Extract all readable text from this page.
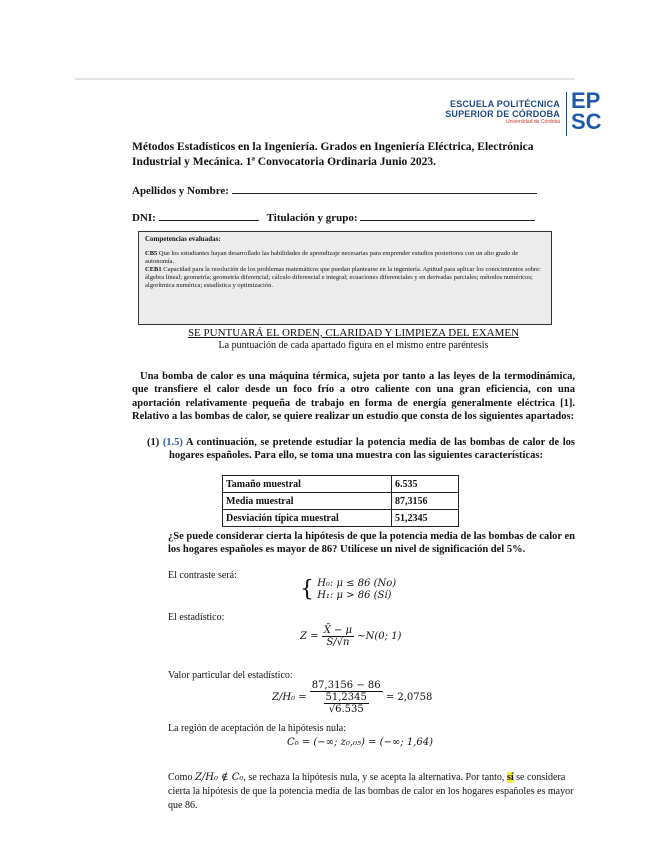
ESCUELA POLITÉCNICA
SUPERIOR DE CÓRDOBA
Universidad de Córdoba
EP
SC
Métodos Estadísticos en la Ingeniería. Grados en Ingeniería Eléctrica, Electrónica Industrial y Mecánica. 1ª Convocatoria Ordinaria Junio 2023.
Apellidos y Nombre:
DNI:	Titulación y grupo:
Competencias evaluadas:

CB5 Que los estudiantes hayan desarrollado las habilidades de aprendizaje necesarias para emprender estudios posteriores con un alto grado de autonomía.

CEB1 Capacidad para la resolución de los problemas matemáticos que puedan plantearse en la ingeniería. Aptitud para aplicar los conocimientos sobre: álgebra lineal; geometría; geometría diferencial; cálculo diferencial e integral; ecuaciones diferenciales y en derivadas parciales; métodos numéricos; algorítmica numérica; estadística y optimización.

SE PUNTUARÁ EL ORDEN, CLARIDAD Y LIMPIEZA DEL EXAMEN
La puntuación de cada apartado figura en el mismo entre paréntesis
Una bomba de calor es una máquina térmica, sujeta por tanto a las leyes de la termodinámica, que transfiere el calor desde un foco frío a otro caliente con una gran eficiencia, con una aportación relativamente pequeña de trabajo en forma de energía generalmente eléctrica [1]. Relativo a las bombas de calor, se quiere realizar un estudio que consta de los siguientes apartados:
(1) (1.5) A continuación, se pretende estudiar la potencia media de las bombas de calor de los hogares españoles. Para ello, se toma una muestra con las siguientes características:
Tamaño muestral	6.535
Media muestral	87,3156
Desviación típica muestral	51,2345
¿Se puede considerar cierta la hipótesis de que la potencia media de las bombas de calor en los hogares españoles es mayor de 86? Utilícese un nivel de significación del 5%.
El contraste será:
{ H₀: μ ≤ 86 (No)
H₁: μ > 86 (Sí)
El estadístico:
$Z = \frac{X̄ - \mu}{S/√n}$ ~N(0; 1)
Valor particular del estadístico:
$Z/H_0 = \frac{87,3156 - 86}{\frac{51,2345}{√6.535}} = 2,0758$
La región de aceptación de la hipótesis nula:
C₀ = (−∞; z₀,₀₅) = (−∞; 1,64)
Como Z/H₀ ∉ C₀, se rechaza la hipótesis nula, y se acepta la alternativa. Por tanto, sí se considera cierta la hipótesis de que la potencia media de las bombas de calor en los hogares españoles es mayor que 86.
